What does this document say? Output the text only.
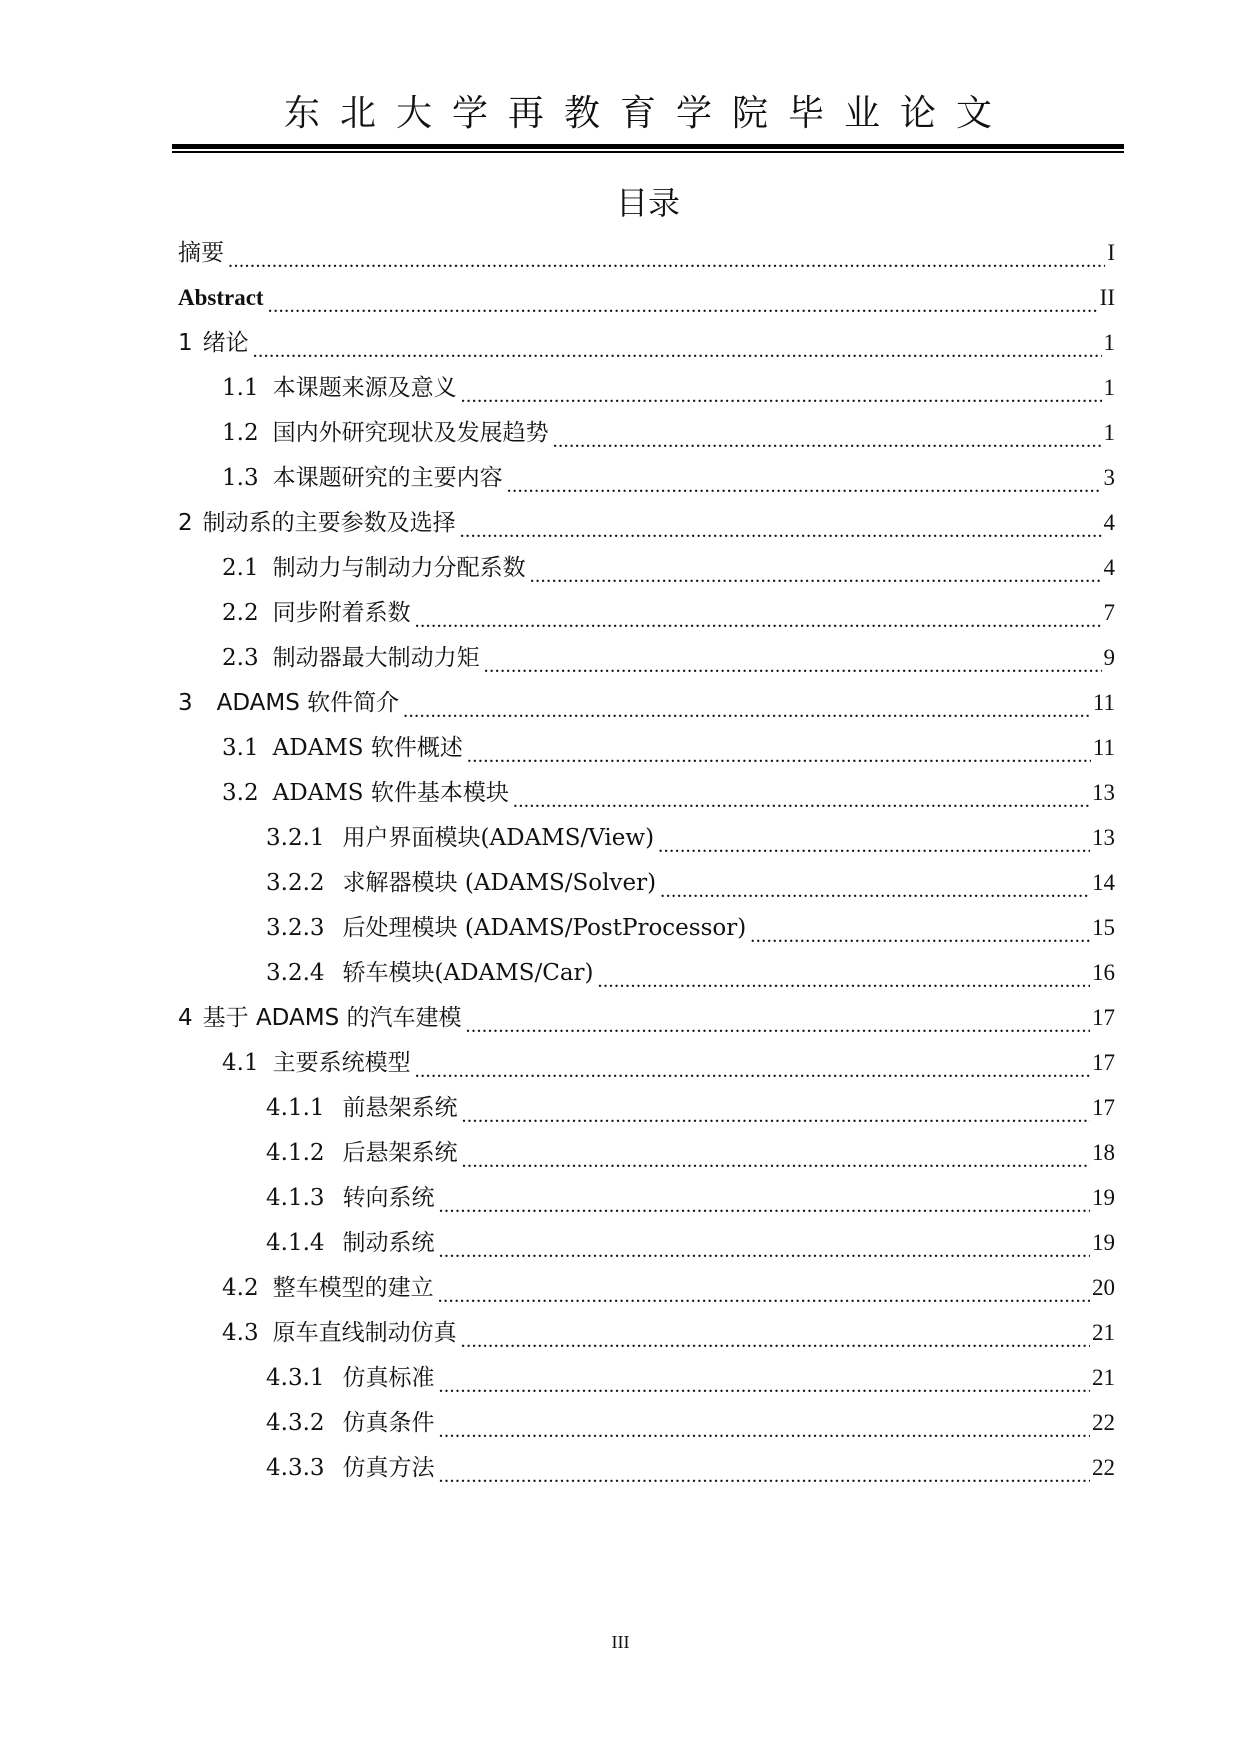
东北大学再教育学院毕业论文
目录
摘要 .....	I
Abstract .....	II
1 绪论 .....	1
1.1 本课题来源及意义 .....	1
1.2 国内外研究现状及发展趋势 .....	1
1.3 本课题研究的主要内容 .....	3
2 制动系的主要参数及选择 .....	4
2.1 制动力与制动力分配系数 .....	4
2.2 同步附着系数 .....	7
2.3 制动器最大制动力矩 .....	9
3 ADAMS 软件简介 .....	11
3.1 ADAMS 软件概述 .....	11
3.2 ADAMS 软件基本模块 .....	13
3.2.1 用户界面模块(ADAMS/View) .....	13
3.2.2 求解器模块 (ADAMS/Solver) .....	14
3.2.3 后处理模块 (ADAMS/PostProcessor) .....	15
3.2.4 轿车模块(ADAMS/Car) .....	16
4 基于 ADAMS 的汽车建模 .....	17
4.1 主要系统模型 .....	17
4.1.1 前悬架系统 .....	17
4.1.2 后悬架系统 .....	18
4.1.3 转向系统 .....	19
4.1.4 制动系统 .....	19
4.2 整车模型的建立 .....	20
4.3 原车直线制动仿真 .....	21
4.3.1 仿真标准 .....	21
4.3.2 仿真条件 .....	22
4.3.3 仿真方法 .....	22
III
